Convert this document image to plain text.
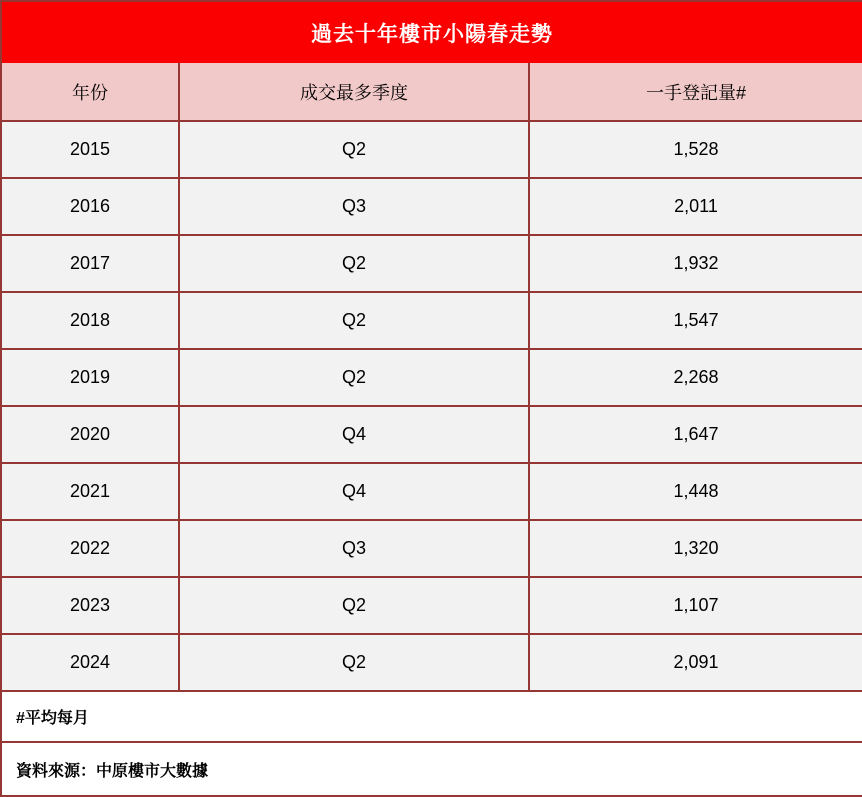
過去十年樓市小陽春走勢		
年份	成交最多季度	一手登記量#
2015	Q2	1,528
2016	Q3	2,011
2017	Q2	1,932
2018	Q2	1,547
2019	Q2	2,268
2020	Q4	1,647
2021	Q4	1,448
2022	Q3	1,320
2023	Q2	1,107
2024	Q2	2,091
#平均每月		
資料來源：中原樓市大數據		
